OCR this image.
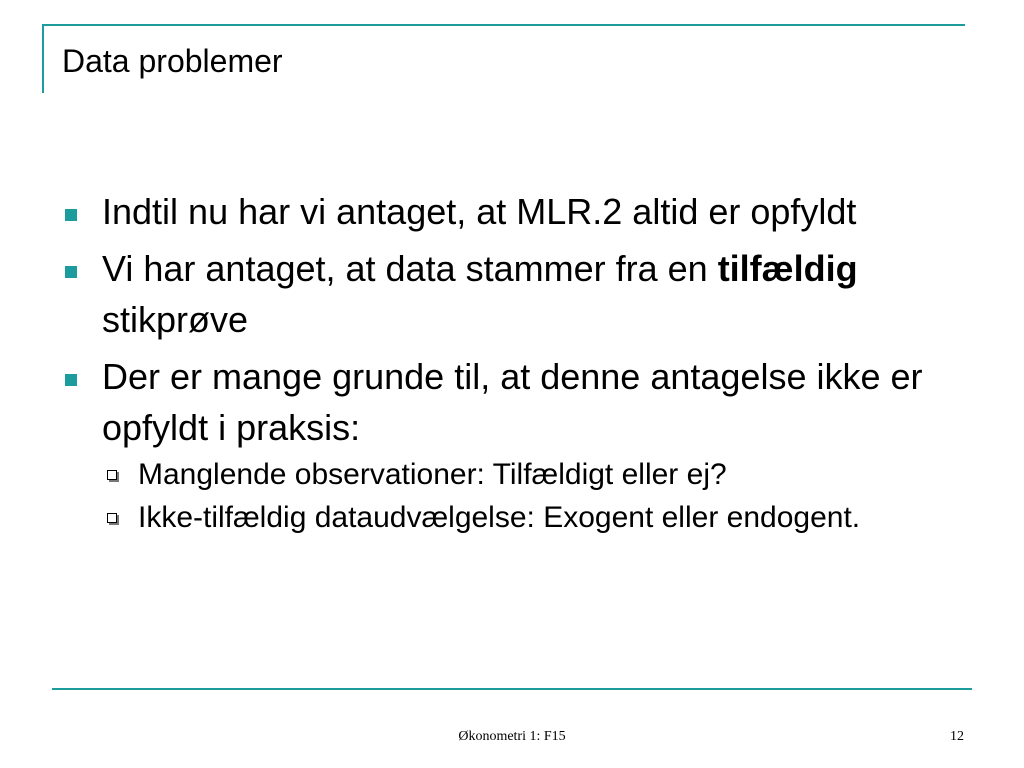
Data problemer
Indtil nu har vi antaget, at MLR.2 altid er opfyldt
Vi har antaget, at data stammer fra en tilfældig stikprøve
Der er mange grunde til, at denne antagelse ikke er opfyldt i praksis:
Manglende observationer: Tilfældigt eller ej?
Ikke-tilfældig dataudvælgelse: Exogent eller endogent.
Økonometri 1: F15	12
